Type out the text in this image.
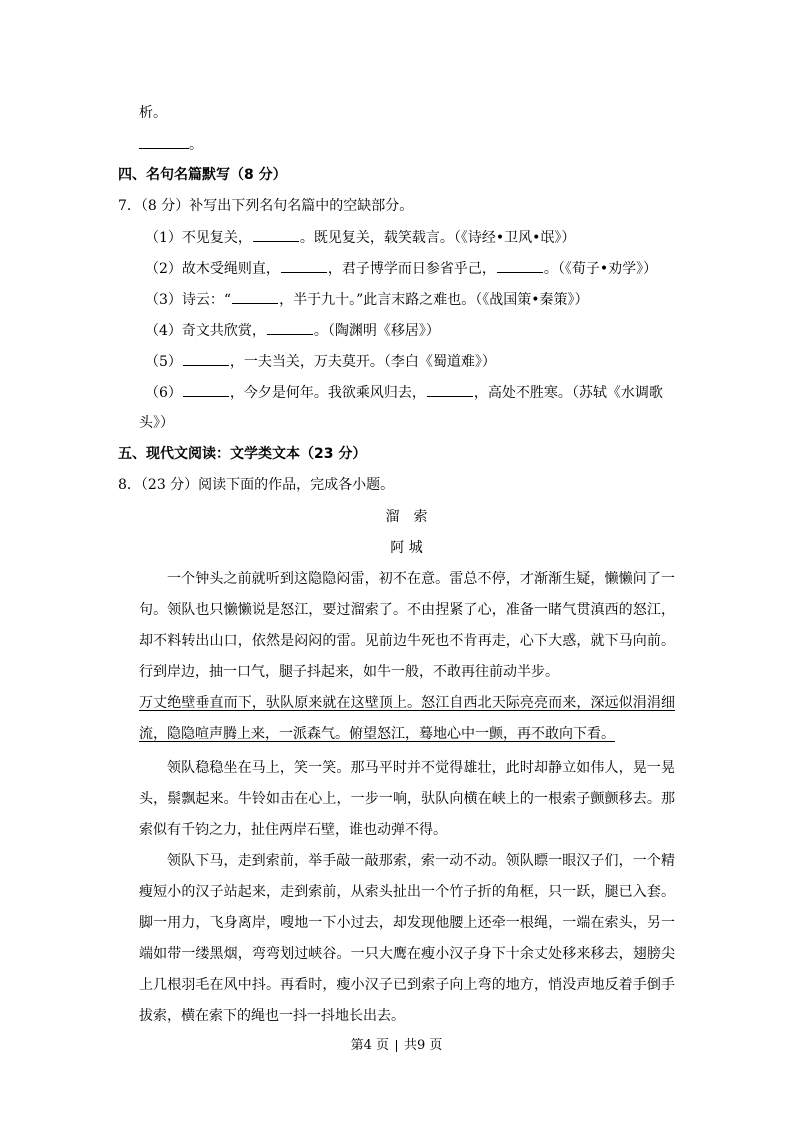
析。
。
四、名句名篇默写（8 分）
7．（8 分）补写出下列名句名篇中的空缺部分。
（1）不见复关，	。既见复关，载笑载言。（《诗经•卫风•氓》）
（2）故木受绳则直，	，君子博学而日参省乎己，	。（《荀子•劝学》）
（3）诗云：“	，半于九十。”此言末路之难也。（《战国策•秦策》）
（4）奇文共欣赏，	。（陶渊明《移居》）
（5）	，一夫当关，万夫莫开。（李白《蜀道难》）
（6）	，今夕是何年。我欲乘风归去，	，高处不胜寒。（苏轼《水调歌
头》）
五、现代文阅读：文学类文本（23 分）
8．（23 分）阅读下面的作品，完成各小题。
溜　索
阿 城
一个钟头之前就听到这隐隐闷雷，初不在意。雷总不停，才渐渐生疑，懒懒问了一
句。领队也只懒懒说是怒江，要过溜索了。不由捏紧了心，准备一睹气贯滇西的怒江，
却不料转出山口，依然是闷闷的雷。见前边牛死也不肯再走，心下大惑，就下马向前。
行到岸边，抽一口气，腿子抖起来，如牛一般，不敢再往前动半步。
万丈绝壁垂直而下，驮队原来就在这壁顶上。怒江自西北天际亮亮而来，深远似涓涓细
流，隐隐喧声腾上来，一派森气。俯望怒江，蓦地心中一颤，再不敢向下看。
领队稳稳坐在马上，笑一笑。那马平时并不觉得雄壮，此时却静立如伟人，晃一晃
头，鬃飘起来。牛铃如击在心上，一步一响，驮队向横在峡上的一根索子颤颤移去。那
索似有千钧之力，扯住两岸石壁，谁也动弹不得。
领队下马，走到索前，举手敲一敲那索，索一动不动。领队瞟一眼汉子们，一个精
瘦短小的汉子站起来，走到索前，从索头扯出一个竹子折的角框，只一跃，腿已入套。
脚一用力，飞身离岸，嗖地一下小过去，却发现他腰上还牵一根绳，一端在索头，另一
端如带一缕黑烟，弯弯划过峡谷。一只大鹰在瘦小汉子身下十余丈处移来移去，翅膀尖
上几根羽毛在风中抖。再看时，瘦小汉子已到索子向上弯的地方，悄没声地反着手倒手
拔索，横在索下的绳也一抖一抖地长出去。
第4 页 共9 页
